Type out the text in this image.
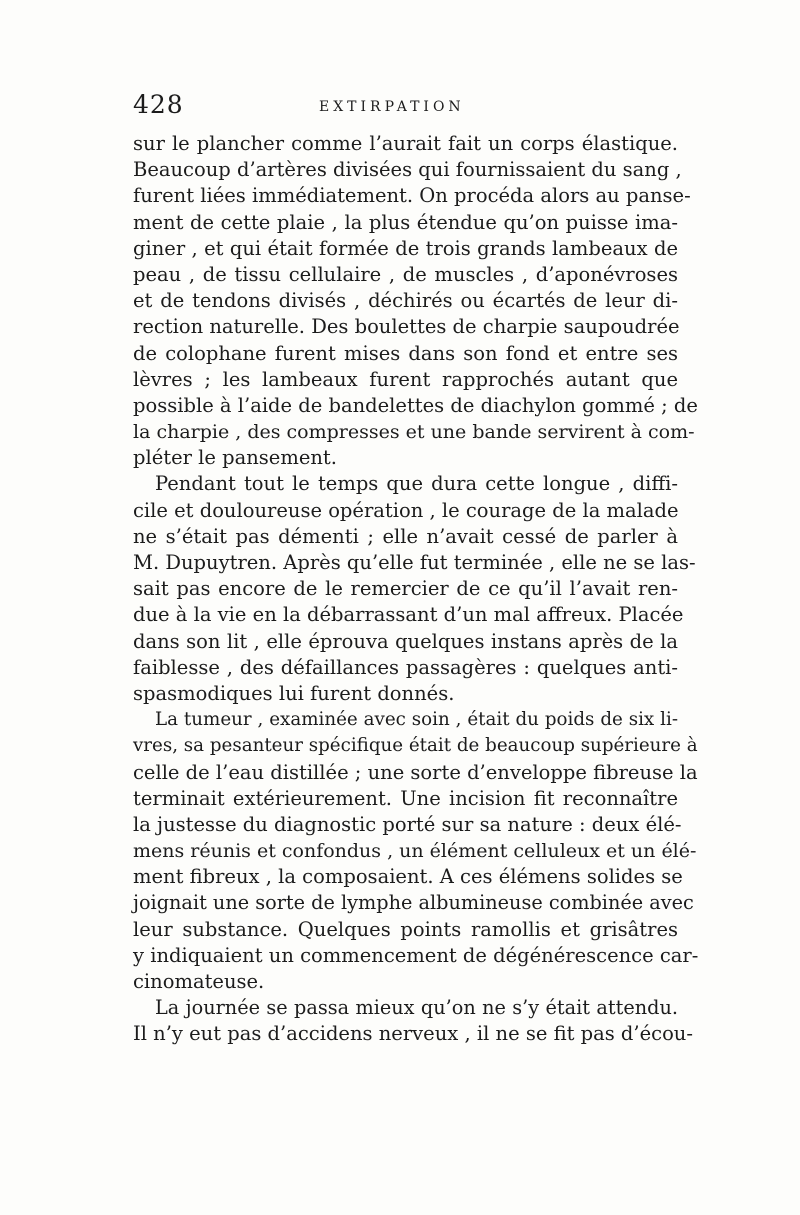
428	EXTIRPATION
sur le plancher comme l’aurait fait un corps élastique.
Beaucoup d’artères divisées qui fournissaient du sang ,
furent liées immédiatement. On procéda alors au panse-
ment de cette plaie , la plus étendue qu’on puisse ima-
giner , et qui était formée de trois grands lambeaux de
peau , de tissu cellulaire , de muscles , d’aponévroses
et de tendons divisés , déchirés ou écartés de leur di-
rection naturelle. Des boulettes de charpie saupoudrée
de colophane furent mises dans son fond et entre ses
lèvres ; les lambeaux furent rapprochés autant que
possible à l’aide de bandelettes de diachylon gommé ; de
la charpie , des compresses et une bande servirent à com-
pléter le pansement.
Pendant tout le temps que dura cette longue , diffi-
cile et douloureuse opération , le courage de la malade
ne s’était pas démenti ; elle n’avait cessé de parler à
M. Dupuytren. Après qu’elle fut terminée , elle ne se las-
sait pas encore de le remercier de ce qu’il l’avait ren-
due à la vie en la débarrassant d’un mal affreux. Placée
dans son lit , elle éprouva quelques instans après de la
faiblesse , des défaillances passagères : quelques anti-
spasmodiques lui furent donnés.
La tumeur , examinée avec soin , était du poids de six li-
vres, sa pesanteur spécifique était de beaucoup supérieure à
celle de l’eau distillée ; une sorte d’enveloppe fibreuse la
terminait extérieurement. Une incision fit reconnaître
la justesse du diagnostic porté sur sa nature : deux élé-
mens réunis et confondus , un élément celluleux et un élé-
ment fibreux , la composaient. A ces élémens solides se
joignait une sorte de lymphe albumineuse combinée avec
leur substance. Quelques points ramollis et grisâtres
y indiquaient un commencement de dégénérescence car-
cinomateuse.
La journée se passa mieux qu’on ne s’y était attendu.
Il n’y eut pas d’accidens nerveux , il ne se fit pas d’écou-
